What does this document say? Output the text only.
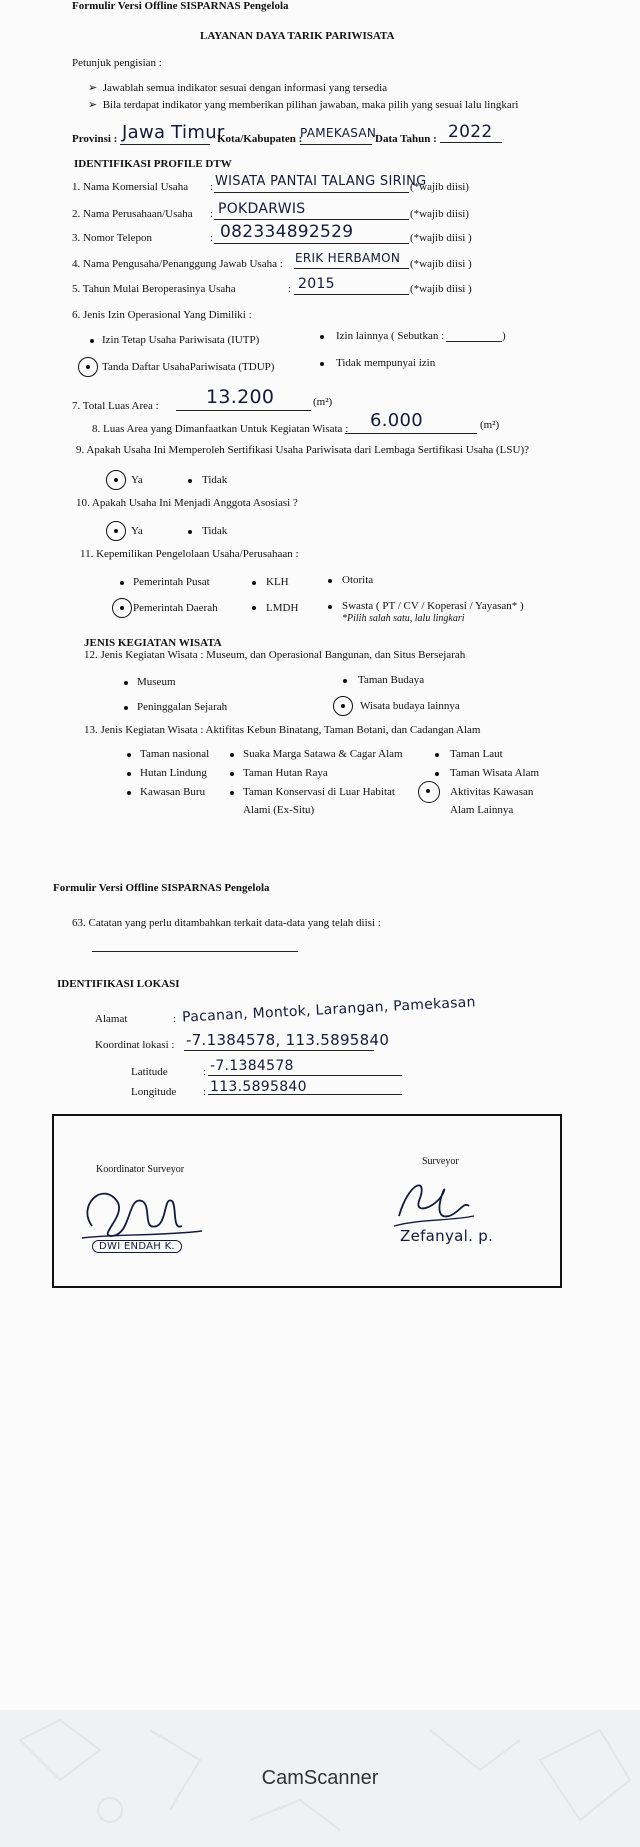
Formulir Versi Offline SISPARNAS Pengelola
LAYANAN DAYA TARIK PARIWISATA
Petunjuk pengisian :
➢  Jawablah semua indikator sesuai dengan informasi yang tersedia
➢  Bila terdapat indikator yang memberikan pilihan jawaban, maka pilih yang sesuai lalu lingkari
Provinsi : Jawa Timur
Kota/Kabupaten :
PAMEKASAN
Data Tahun : 2022
IDENTIFIKASI PROFILE DTW
1. Nama Komersial Usaha : WISATA PANTAI TALANG SIRING
(*wajib diisi)
2. Nama Perusahaan/Usaha : POKDARWIS	(*wajib diisi)
3. Nomor Telepon	: 082334892529	(*wajib diisi )
4. Nama Pengusaha/Penanggung Jawab Usaha : ERIK HERBAMON (*wajib diisi )
5. Tahun Mulai Beroperasinya Usaha	: 2015	(*wajib diisi )
6. Jenis Izin Operasional Yang Dimiliki :
Izin Tetap Usaha Pariwisata (IUTP)	Izin lainnya ( Sebutkan :	)
Tanda Daftar UsahaPariwisata (TDUP)	Tidak mempunyai izin
7. Total Luas Area : 13.200	(m²)
8. Luas Area yang Dimanfaatkan Untuk Kegiatan Wisata : 6.000	(m²)
9. Apakah Usaha Ini Memperoleh Sertifikasi Usaha Pariwisata dari Lembaga Sertifikasi Usaha (LSU)?
Ya	Tidak
10. Apakah Usaha Ini Menjadi Anggota Asosiasi ?
Ya	Tidak
11. Kepemilikan Pengelolaan Usaha/Perusahaan :
Pemerintah Pusat	KLH	Otorita
Pemerintah Daerah	LMDH	Swasta ( PT / CV / Koperasi / Yayasan* )
*Pilih salah satu, lalu lingkari
JENIS KEGIATAN WISATA
12. Jenis Kegiatan Wisata : Museum, dan Operasional Bangunan, dan Situs Bersejarah
Museum	Taman Budaya
Peninggalan Sejarah	Wisata budaya lainnya
13. Jenis Kegiatan Wisata : Aktifitas Kebun Binatang, Taman Botani, dan Cadangan Alam
Taman nasional
Hutan Lindung
Kawasan Buru
Suaka Marga Satawa & Cagar Alam
Taman Hutan Raya
Taman Konservasi di Luar Habitat
Alami (Ex-Situ)
Taman Laut
Taman Wisata Alam
Aktivitas Kawasan
Alam Lainnya
Formulir Versi Offline SISPARNAS Pengelola
63. Catatan yang perlu ditambahkan terkait data-data yang telah diisi :
IDENTIFIKASI LOKASI
Alamat	: Pacanan, Montok, Larangan, Pamekasan
Koordinat lokasi : -7.1384578, 113.5895840
Latitude	: -7.1384578
Longitude : 113.5895840
Koordinator Surveyor
DWI ENDAH K.
Surveyor
Zefanyal. p.
CamScanner
